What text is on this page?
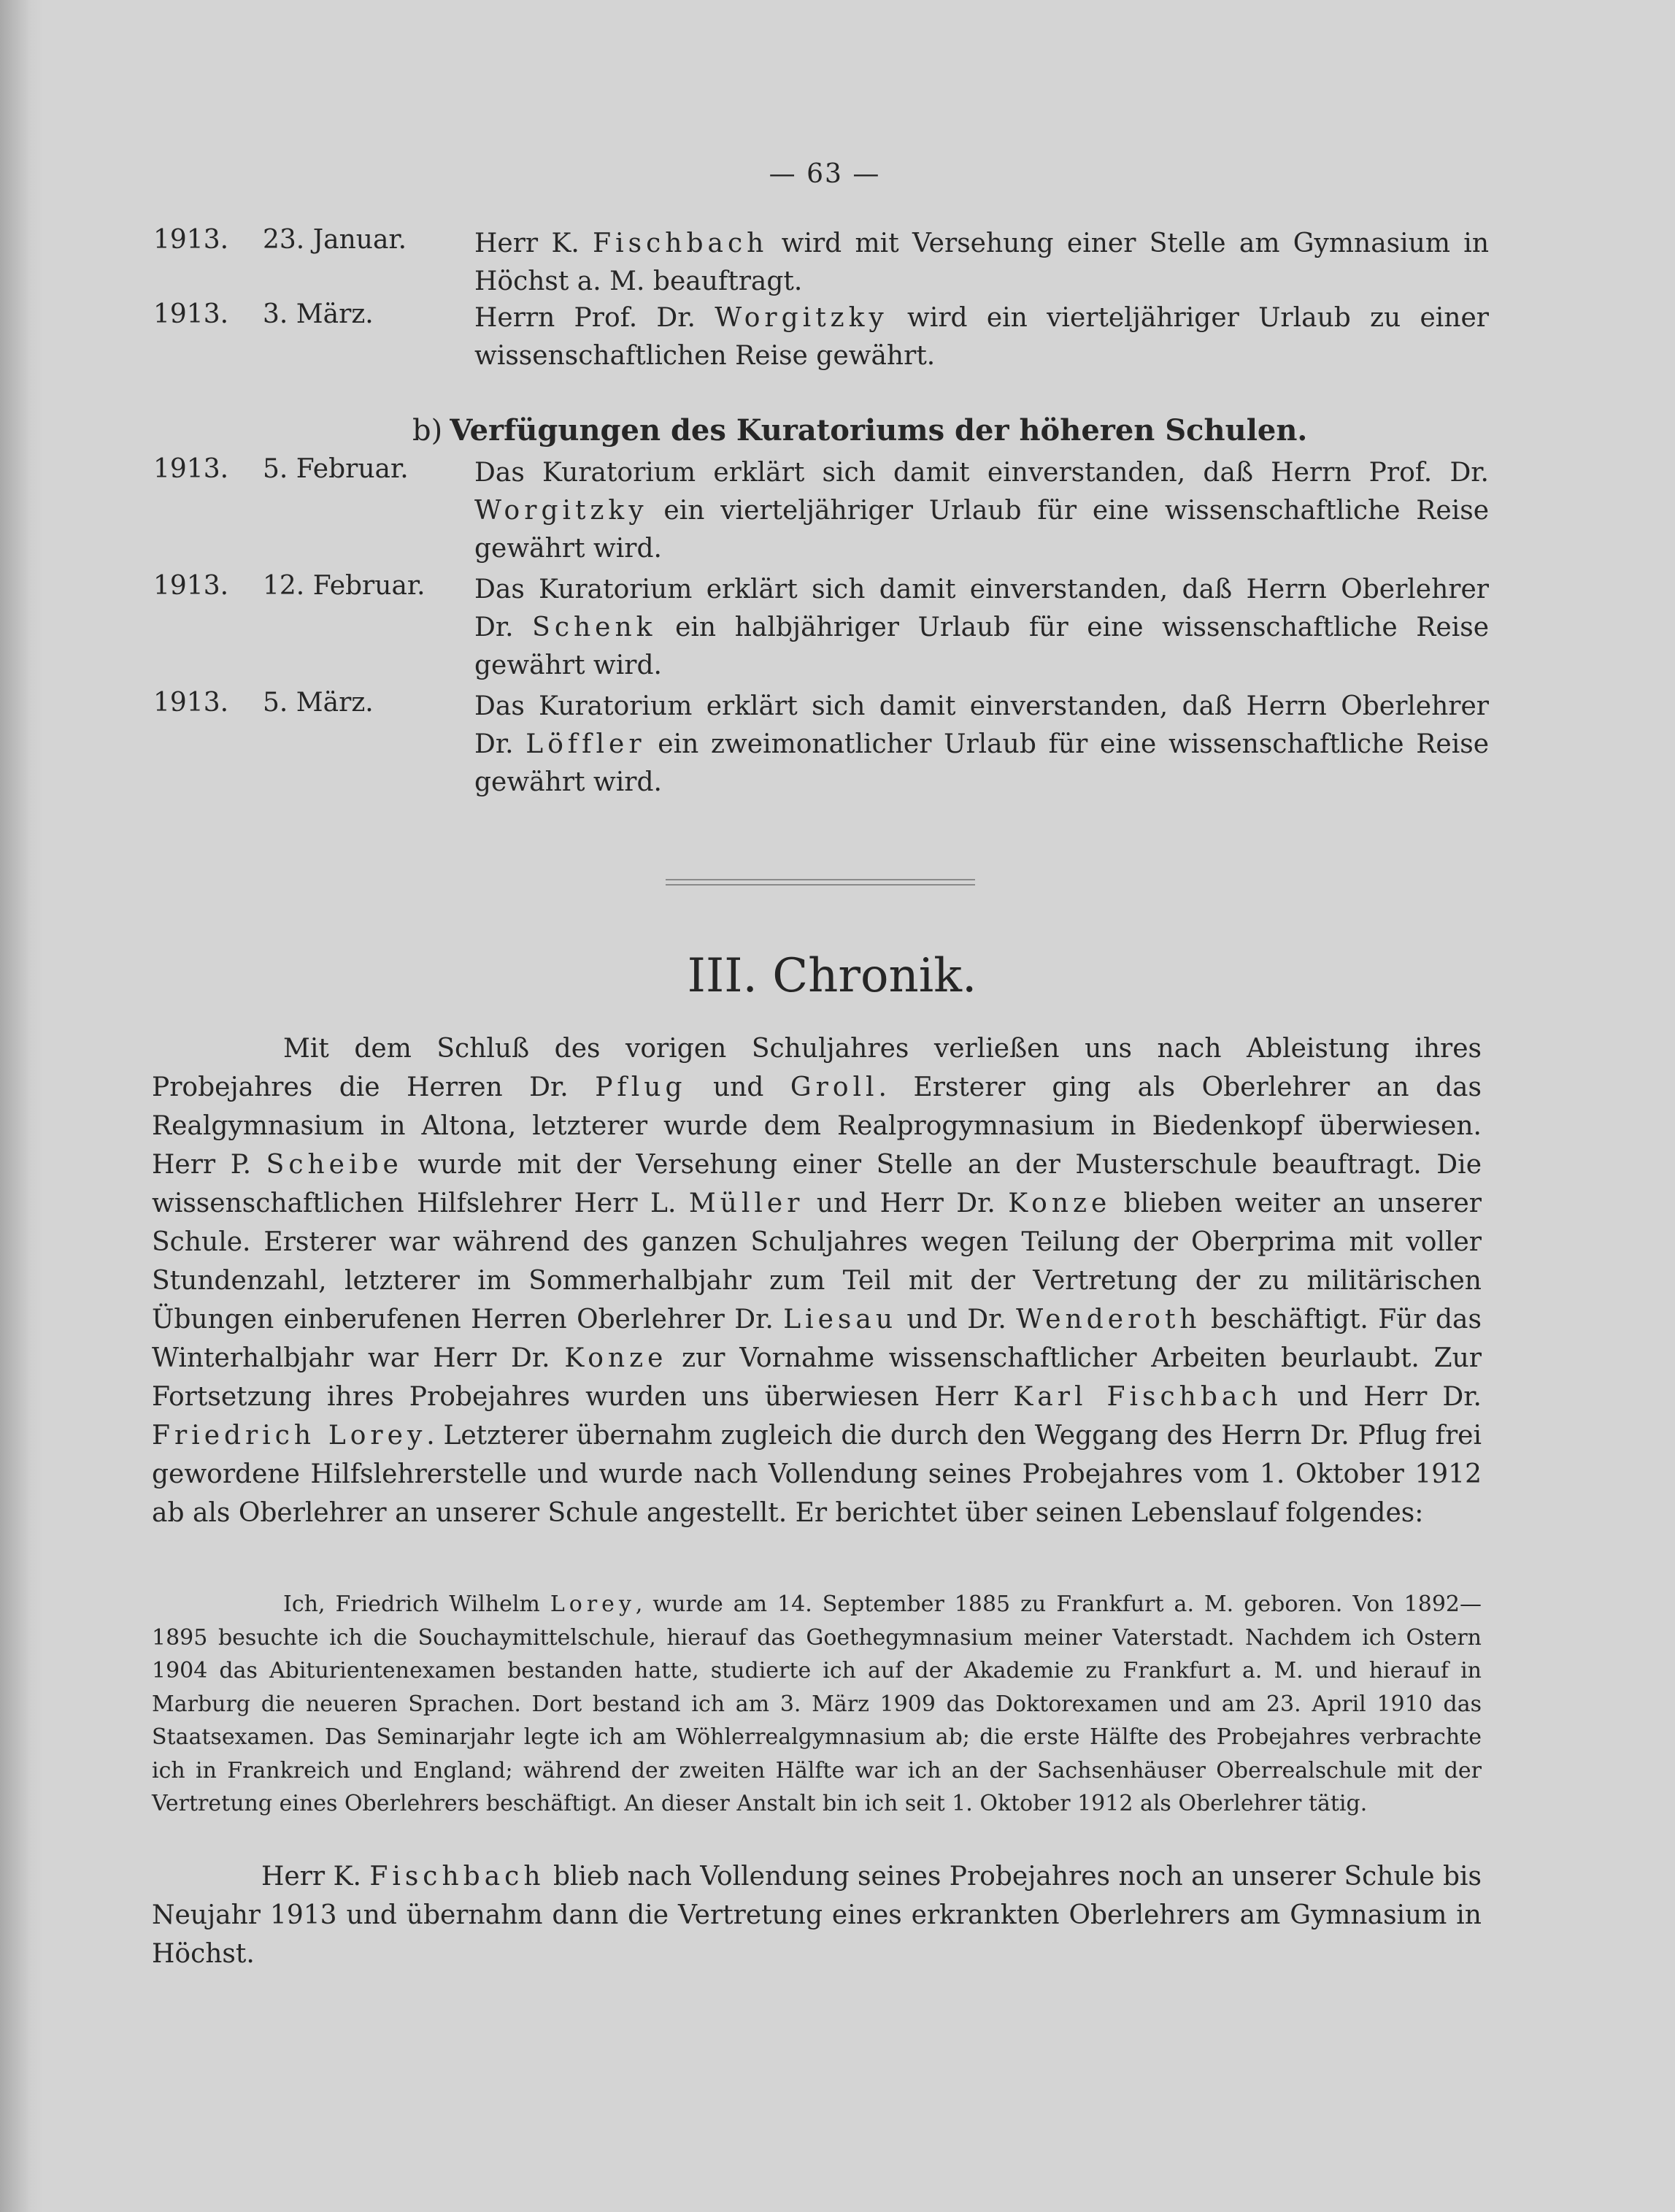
— 63 —
1913. 23. Januar.	Herr K. Fischbach wird mit Versehung einer Stelle am Gymnasium in Höchst a. M. beauftragt.
1913. 3. März.	Herrn Prof. Dr. Worgitzky wird ein vierteljähriger Urlaub zu einer wissenschaftlichen Reise gewährt.
b) Verfügungen des Kuratoriums der höheren Schulen.
1913. 5. Februar.	Das Kuratorium erklärt sich damit einverstanden, daß Herrn Prof. Dr. Worgitzky ein vierteljähriger Urlaub für eine wissenschaftliche Reise gewährt wird.
1913. 12. Februar. Das Kuratorium erklärt sich damit einverstanden, daß Herrn Oberlehrer Dr. Schenk ein halbjähriger Urlaub für eine wissenschaftliche Reise gewährt wird.
1913. 5. März.	Das Kuratorium erklärt sich damit einverstanden, daß Herrn Oberlehrer Dr. Löffler ein zweimonatlicher Urlaub für eine wissenschaftliche Reise gewährt wird.
III. Chronik.

Mit dem Schluß des vorigen Schuljahres verließen uns nach Ableistung ihres Probejahres die Herren Dr. Pflug und Groll. Ersterer ging als Oberlehrer an das Realgymnasium in Altona, letzterer wurde dem Realprogymnasium in Biedenkopf überwiesen. Herr P. Scheibe wurde mit der Versehung einer Stelle an der Musterschule beauftragt. Die wissenschaftlichen Hilfslehrer Herr L. Müller und Herr Dr. Konze blieben weiter an unserer Schule. Ersterer war während des ganzen Schuljahres wegen Teilung der Oberprima mit voller Stundenzahl, letzterer im Sommerhalbjahr zum Teil mit der Vertretung der zu militärischen Übungen einberufenen Herren Oberlehrer Dr. Liesau und Dr. Wenderoth beschäftigt. Für das Winterhalbjahr war Herr Dr. Konze zur Vornahme wissenschaftlicher Arbeiten beurlaubt. Zur Fortsetzung ihres Probejahres wurden uns überwiesen Herr Karl Fischbach und Herr Dr. Friedrich Lorey. Letzterer übernahm zugleich die durch den Weggang des Herrn Dr. Pflug frei gewordene Hilfslehrerstelle und wurde nach Vollendung seines Probejahres vom 1. Oktober 1912 ab als Oberlehrer an unserer Schule angestellt. Er berichtet über seinen Lebenslauf folgendes:

Ich, Friedrich Wilhelm Lorey, wurde am 14. September 1885 zu Frankfurt a. M. geboren. Von 1892—1895 besuchte ich die Souchaymittelschule, hierauf das Goethegymnasium meiner Vaterstadt. Nachdem ich Ostern 1904 das Abiturientenexamen bestanden hatte, studierte ich auf der Akademie zu Frankfurt a. M. und hierauf in Marburg die neueren Sprachen. Dort bestand ich am 3. März 1909 das Doktorexamen und am 23. April 1910 das Staatsexamen. Das Seminarjahr legte ich am Wöhlerrealgymnasium ab; die erste Hälfte des Probejahres verbrachte ich in Frankreich und England; während der zweiten Hälfte war ich an der Sachsenhäuser Oberrealschule mit der Vertretung eines Oberlehrers beschäftigt. An dieser Anstalt bin ich seit 1. Oktober 1912 als Oberlehrer tätig.

Herr K. Fischbach blieb nach Vollendung seines Probejahres noch an unserer Schule bis Neujahr 1913 und übernahm dann die Vertretung eines erkrankten Oberlehrers am Gymnasium in Höchst.
